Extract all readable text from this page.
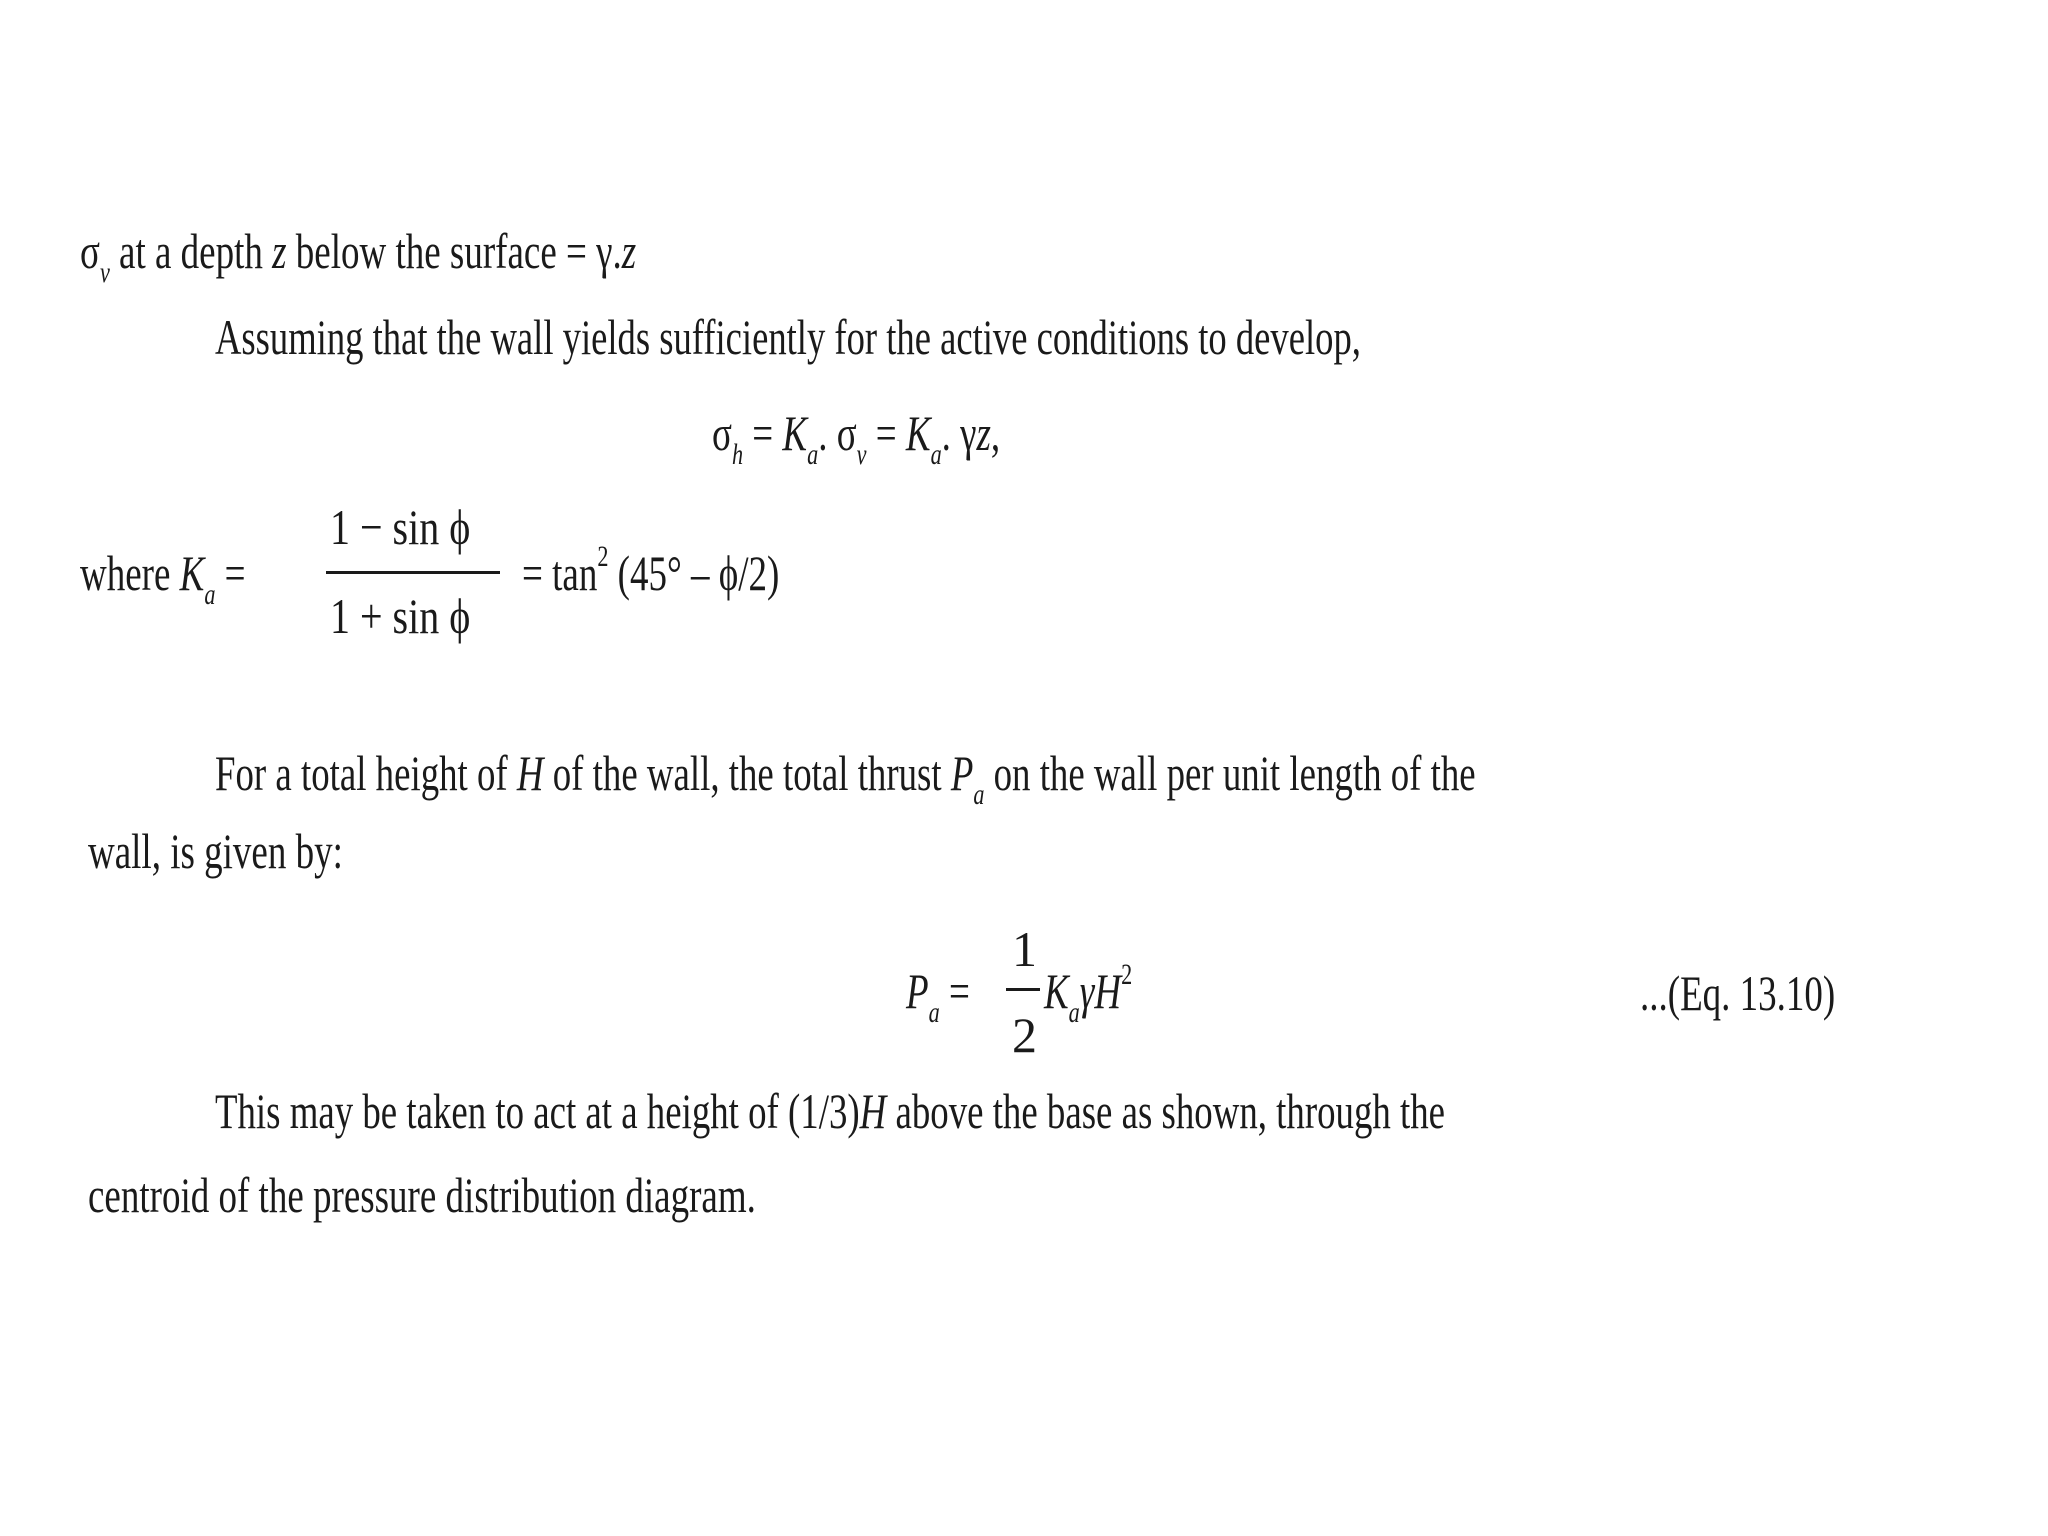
$\sigma_v$ at a depth z below the surface = γ.z
Assuming that the wall yields sufficiently for the active conditions to develop,
$\sigma_h = K_a$. $\sigma_v = K_a$. γz,
where $K_a$ =
1 − sin ϕ
1 + sin ϕ
= $\tan^2 (45^\circ - \phi/2)$
For a total height of H of the wall, the total thrust $P_a$ on the wall per unit length of the
wall, is given by:
$P_a$ =
1
2
$K_a\gamma H^2$	...(Eq. 13.10)
This may be taken to act at a height of (1/3)H above the base as shown, through the
centroid of the pressure distribution diagram.
